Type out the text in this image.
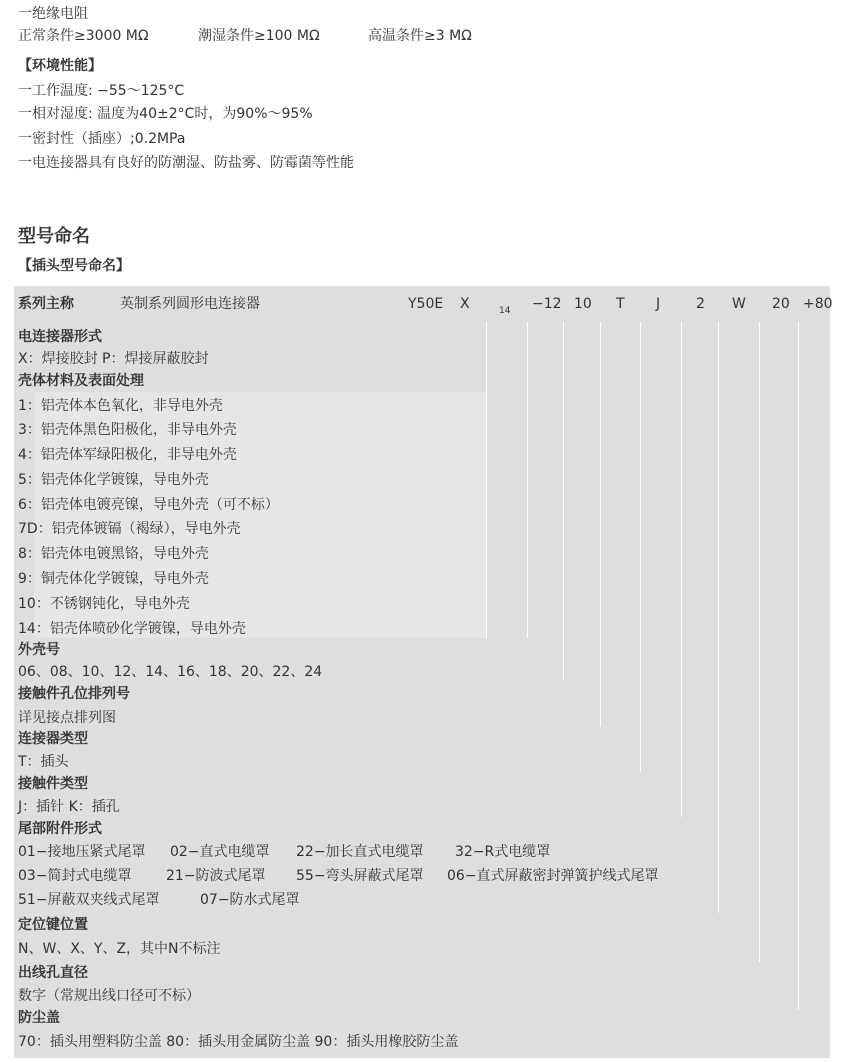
一绝缘电阻
正常条件≥3000 MΩ	潮湿条件≥100 MΩ	高温条件≥3 MΩ
【环境性能】
一工作温度: −55～125°C
一相对湿度: 温度为40±2°C时，为90%～95%
一密封性（插座）;0.2MPa
一电连接器具有良好的防潮湿、防盐雾、防霉菌等性能
型号命名
【插头型号命名】
系列主称	英制系列圆形电连接器	Y50E X	14 −12 10 T J	2 W 20 +80
电连接器形式
X：焊接胶封 P：焊接屏蔽胶封
壳体材料及表面处理
1：铝壳体本色氧化，非导电外壳
3：铝壳体黑色阳极化，非导电外壳
4：铝壳体军绿阳极化，非导电外壳
5：铝壳体化学镀镍，导电外壳
6：铝壳体电镀亮镍，导电外壳（可不标）
7D：铝壳体镀镉（褐绿），导电外壳
8：铝壳体电镀黑铬，导电外壳
9：铜壳体化学镀镍，导电外壳
10：不锈钢钝化，导电外壳
14：铝壳体喷砂化学镀镍，导电外壳
外壳号
06、08、10、12、14、16、18、20、22、24
接触件孔位排列号
详见接点排列图
连接器类型
T：插头
接触件类型
J：插针 K：插孔
尾部附件形式
01−接地压紧式尾罩 02−直式电缆罩 22−加长直式电缆罩 32−R式电缆罩
03−简封式电缆罩 21−防波式尾罩 55−弯头屏蔽式尾罩 06−直式屏蔽密封弹簧护线式尾罩
51−屏蔽双夹线式尾罩	07−防水式尾罩
定位键位置
N、W、X、Y、Z，其中N不标注
出线孔直径
数字（常规出线口径可不标）
防尘盖
70：插头用塑料防尘盖 80：插头用金属防尘盖 90：插头用橡胶防尘盖
